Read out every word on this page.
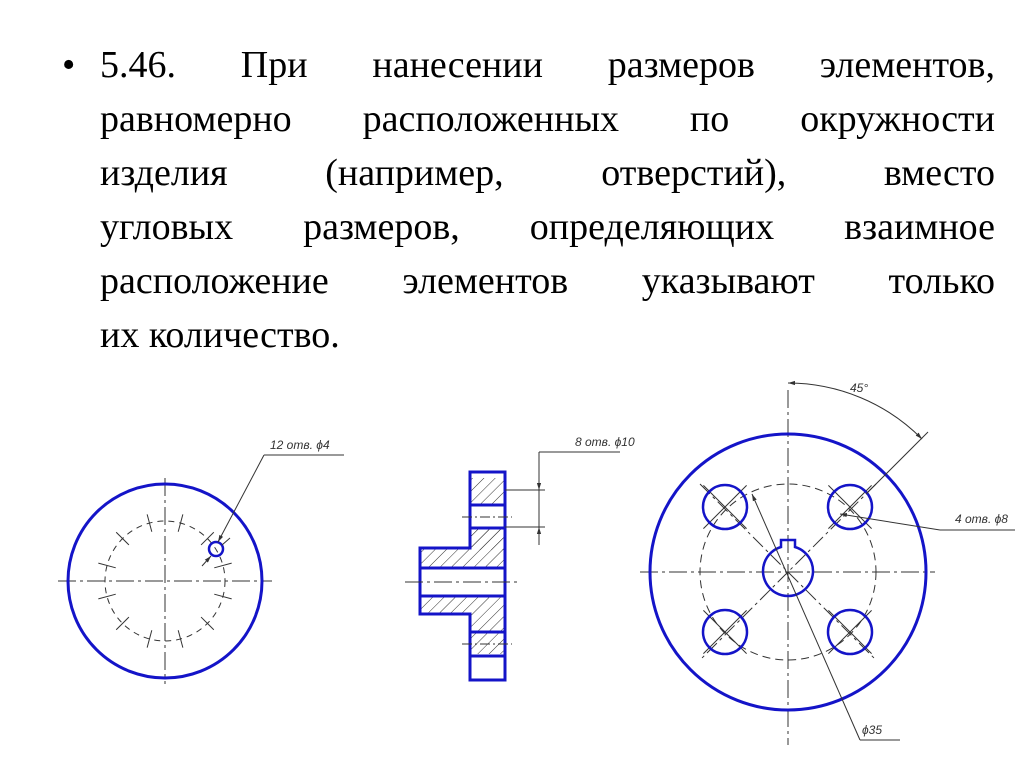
• 5.46. При нанесении размеров элементов,
равномерно расположенных по окружности
изделия (например, отверстий), вместо
угловых размеров, определяющих взаимное
расположение элементов указывают только
их количество.
12 отв. ϕ4	8 отв. ϕ10
45°
4 отв. ϕ8
ϕ35
